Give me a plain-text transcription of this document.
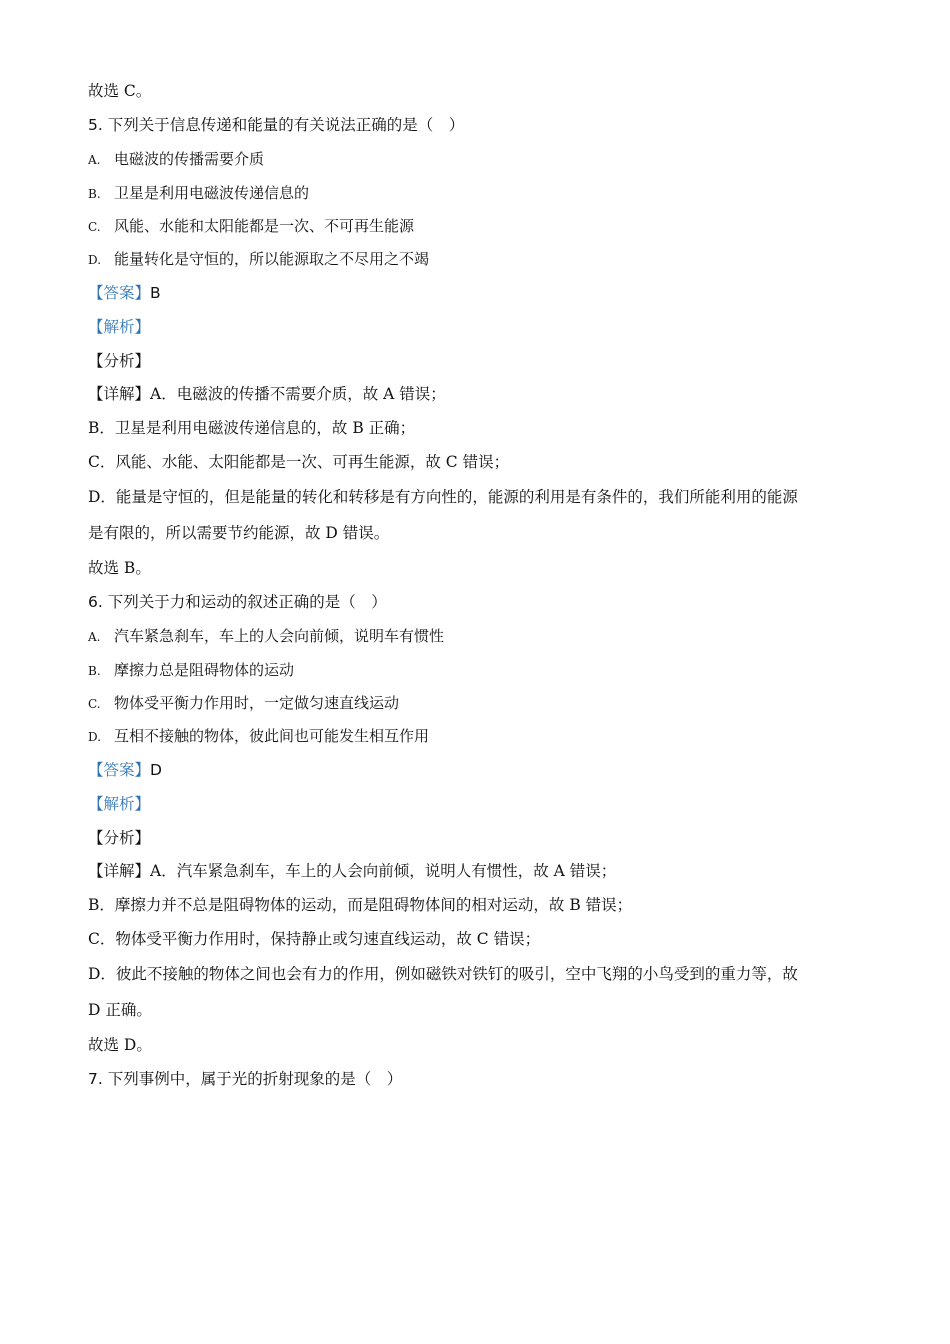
故选 C。
5. 下列关于信息传递和能量的有关说法正确的是（　）
A. 电磁波的传播需要介质
B. 卫星是利用电磁波传递信息的
C. 风能、水能和太阳能都是一次、不可再生能源
D. 能量转化是守恒的，所以能源取之不尽用之不竭
【答案】B
【解析】
【分析】
【详解】A．电磁波的传播不需要介质，故 A 错误；
B．卫星是利用电磁波传递信息的，故 B 正确；
C．风能、水能、太阳能都是一次、可再生能源，故 C 错误；
D．能量是守恒的，但是能量的转化和转移是有方向性的，能源的利用是有条件的，我们所能利用的能源
是有限的，所以需要节约能源，故 D 错误。
故选 B。
6. 下列关于力和运动的叙述正确的是（　）
A. 汽车紧急刹车，车上的人会向前倾，说明车有惯性
B. 摩擦力总是阻碍物体的运动
C. 物体受平衡力作用时，一定做匀速直线运动
D. 互相不接触的物体，彼此间也可能发生相互作用
【答案】D
【解析】
【分析】
【详解】A．汽车紧急刹车，车上的人会向前倾，说明人有惯性，故 A 错误；
B．摩擦力并不总是阻碍物体的运动，而是阻碍物体间的相对运动，故 B 错误；
C．物体受平衡力作用时，保持静止或匀速直线运动，故 C 错误；
D．彼此不接触的物体之间也会有力的作用，例如磁铁对铁钉的吸引，空中飞翔的小鸟受到的重力等，故
D 正确。
故选 D。
7. 下列事例中，属于光的折射现象的是（　）
